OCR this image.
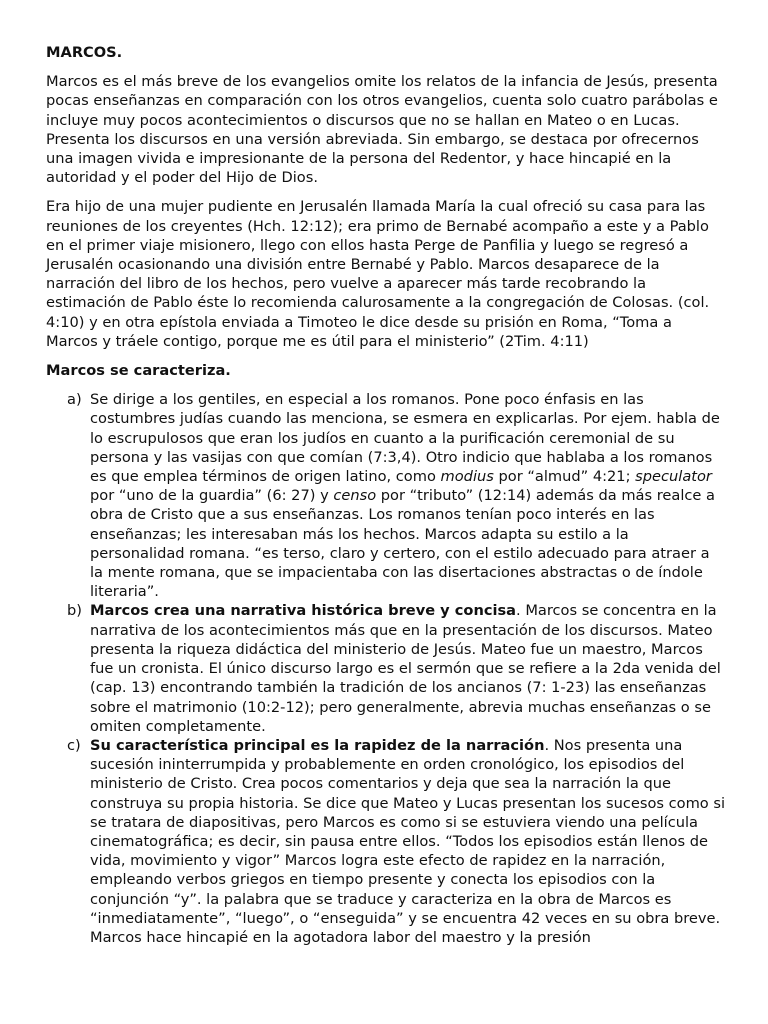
MARCOS.

Marcos es el más breve de los evangelios omite los relatos de la infancia de Jesús, presenta pocas enseñanzas en comparación con los otros evangelios, cuenta solo cuatro parábolas e incluye muy pocos acontecimientos o discursos que no se hallan en Mateo o en Lucas. Presenta los discursos en una versión abreviada. Sin embargo, se destaca por ofrecernos una imagen vivida e impresionante de la persona del Redentor, y hace hincapié en la autoridad y el poder del Hijo de Dios.

Era hijo de una mujer pudiente en Jerusalén llamada María la cual ofreció su casa para las reuniones de los creyentes (Hch. 12:12); era primo de Bernabé acompaño a este y a Pablo en el primer viaje misionero, llego con ellos hasta Perge de Panfilia y luego se regresó a Jerusalén ocasionando una división entre Bernabé y Pablo. Marcos desaparece de la narración del libro de los hechos, pero vuelve a aparecer más tarde recobrando la estimación de Pablo éste lo recomienda calurosamente a la congregación de Colosas. (col. 4:10) y en otra epístola enviada a Timoteo le dice desde su prisión en Roma, “Toma a Marcos y tráele contigo, porque me es útil para el ministerio” (2Tim. 4:11)

Marcos se caracteriza.
a) Se dirige a los gentiles, en especial a los romanos. Pone poco énfasis en las costumbres judías cuando las menciona, se esmera en explicarlas. Por ejem. habla de lo escrupulosos que eran los judíos en cuanto a la purificación ceremonial de su persona y las vasijas con que comían (7:3,4). Otro indicio que hablaba a los romanos es que emplea términos de origen latino, como modius por “almud” 4:21; speculator por “uno de la guardia” (6: 27) y censo por “tributo” (12:14) además da más realce a obra de Cristo que a sus enseñanzas. Los romanos tenían poco interés en las enseñanzas; les interesaban más los hechos. Marcos adapta su estilo a la personalidad romana. “es terso, claro y certero, con el estilo adecuado para atraer a la mente romana, que se impacientaba con las disertaciones abstractas o de índole literaria”.
b) Marcos crea una narrativa histórica breve y concisa. Marcos se concentra en la narrativa de los acontecimientos más que en la presentación de los discursos. Mateo presenta la riqueza didáctica del ministerio de Jesús. Mateo fue un maestro, Marcos fue un cronista. El único discurso largo es el sermón que se refiere a la 2da venida del (cap. 13) encontrando también la tradición de los ancianos (7: 1-23) las enseñanzas sobre el matrimonio (10:2-12); pero generalmente, abrevia muchas enseñanzas o se omiten completamente.
c) Su característica principal es la rapidez de la narración. Nos presenta una sucesión ininterrumpida y probablemente en orden cronológico, los episodios del ministerio de Cristo. Crea pocos comentarios y deja que sea la narración la que construya su propia historia. Se dice que Mateo y Lucas presentan los sucesos como si se tratara de diapositivas, pero Marcos es como si se estuviera viendo una película cinematográfica; es decir, sin pausa entre ellos. “Todos los episodios están llenos de vida, movimiento y vigor” Marcos logra este efecto de rapidez en la narración, empleando verbos griegos en tiempo presente y conecta los episodios con la conjunción “y”. la palabra que se traduce y caracteriza en la obra de Marcos es “inmediatamente”, “luego”, o “enseguida” y se encuentra 42 veces en su obra breve. Marcos hace hincapié en la agotadora labor del maestro y la presión
